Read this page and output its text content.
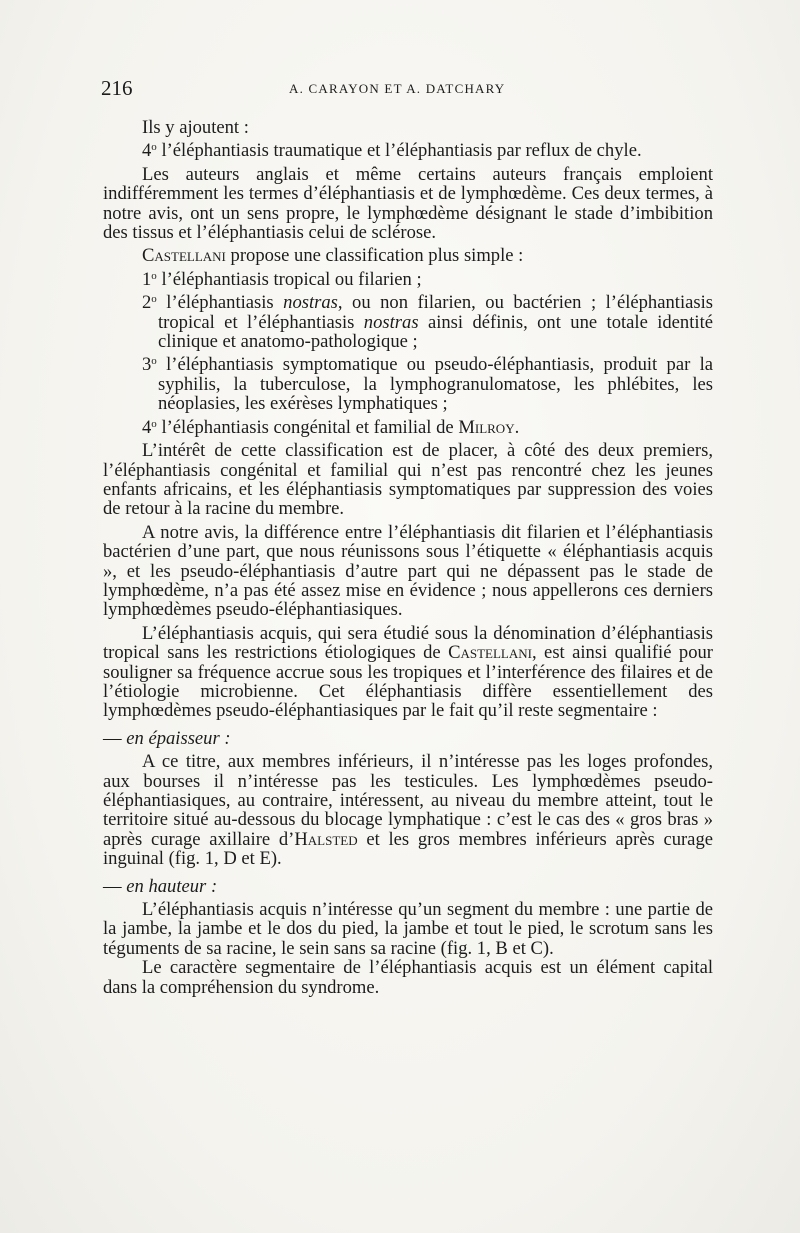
216	A. CARAYON ET A. DATCHARY

Ils y ajoutent :

4$^o$ l’éléphantiasis traumatique et l’éléphantiasis par reflux de chyle.

Les auteurs anglais et même certains auteurs français emploient indifféremment les termes d’éléphantiasis et de lymphœdème. Ces deux termes, à notre avis, ont un sens propre, le lymphœdème désignant le stade d’imbibition des tissus et l’éléphantiasis celui de sclérose.

Castellani propose une classification plus simple :

1$^o$ l’éléphantiasis tropical ou filarien ;

2$^o$ l’éléphantiasis nostras, ou non filarien, ou bactérien ; l’éléphantiasis tropical et l’éléphantiasis nostras ainsi définis, ont une totale identité clinique et anatomo-pathologique ;

3$^o$ l’éléphantiasis symptomatique ou pseudo-éléphantiasis, produit par la syphilis, la tuberculose, la lymphogranulomatose, les phlébites, les néoplasies, les exérèses lymphatiques ;

4$^o$ l’éléphantiasis congénital et familial de Milroy.

L’intérêt de cette classification est de placer, à côté des deux premiers, l’éléphantiasis congénital et familial qui n’est pas rencontré chez les jeunes enfants africains, et les éléphantiasis symptomatiques par suppression des voies de retour à la racine du membre.

A notre avis, la différence entre l’éléphantiasis dit filarien et l’éléphantiasis bactérien d’une part, que nous réunissons sous l’étiquette « éléphantiasis acquis », et les pseudo-éléphantiasis d’autre part qui ne dépassent pas le stade de lymphœdème, n’a pas été assez mise en évidence ; nous appellerons ces derniers lymphœdèmes pseudo-éléphantiasiques.

L’éléphantiasis acquis, qui sera étudié sous la dénomination d’éléphantiasis tropical sans les restrictions étiologiques de Castellani, est ainsi qualifié pour souligner sa fréquence accrue sous les tropiques et l’interférence des filaires et de l’étiologie microbienne. Cet éléphantiasis diffère essentiellement des lymphœdèmes pseudo-éléphantiasiques par le fait qu’il reste segmentaire :

— en épaisseur :

A ce titre, aux membres inférieurs, il n’intéresse pas les loges profondes, aux bourses il n’intéresse pas les testicules. Les lymphœdèmes pseudo-éléphantiasiques, au contraire, intéressent, au niveau du membre atteint, tout le territoire situé au-dessous du blocage lymphatique : c’est le cas des « gros bras » après curage axillaire d’Halsted et les gros membres inférieurs après curage inguinal (fig. 1, D et E).

— en hauteur :

L’éléphantiasis acquis n’intéresse qu’un segment du membre : une partie de la jambe, la jambe et le dos du pied, la jambe et tout le pied, le scrotum sans les téguments de sa racine, le sein sans sa racine (fig. 1, B et C).

Le caractère segmentaire de l’éléphantiasis acquis est un élément capital dans la compréhension du syndrome.
